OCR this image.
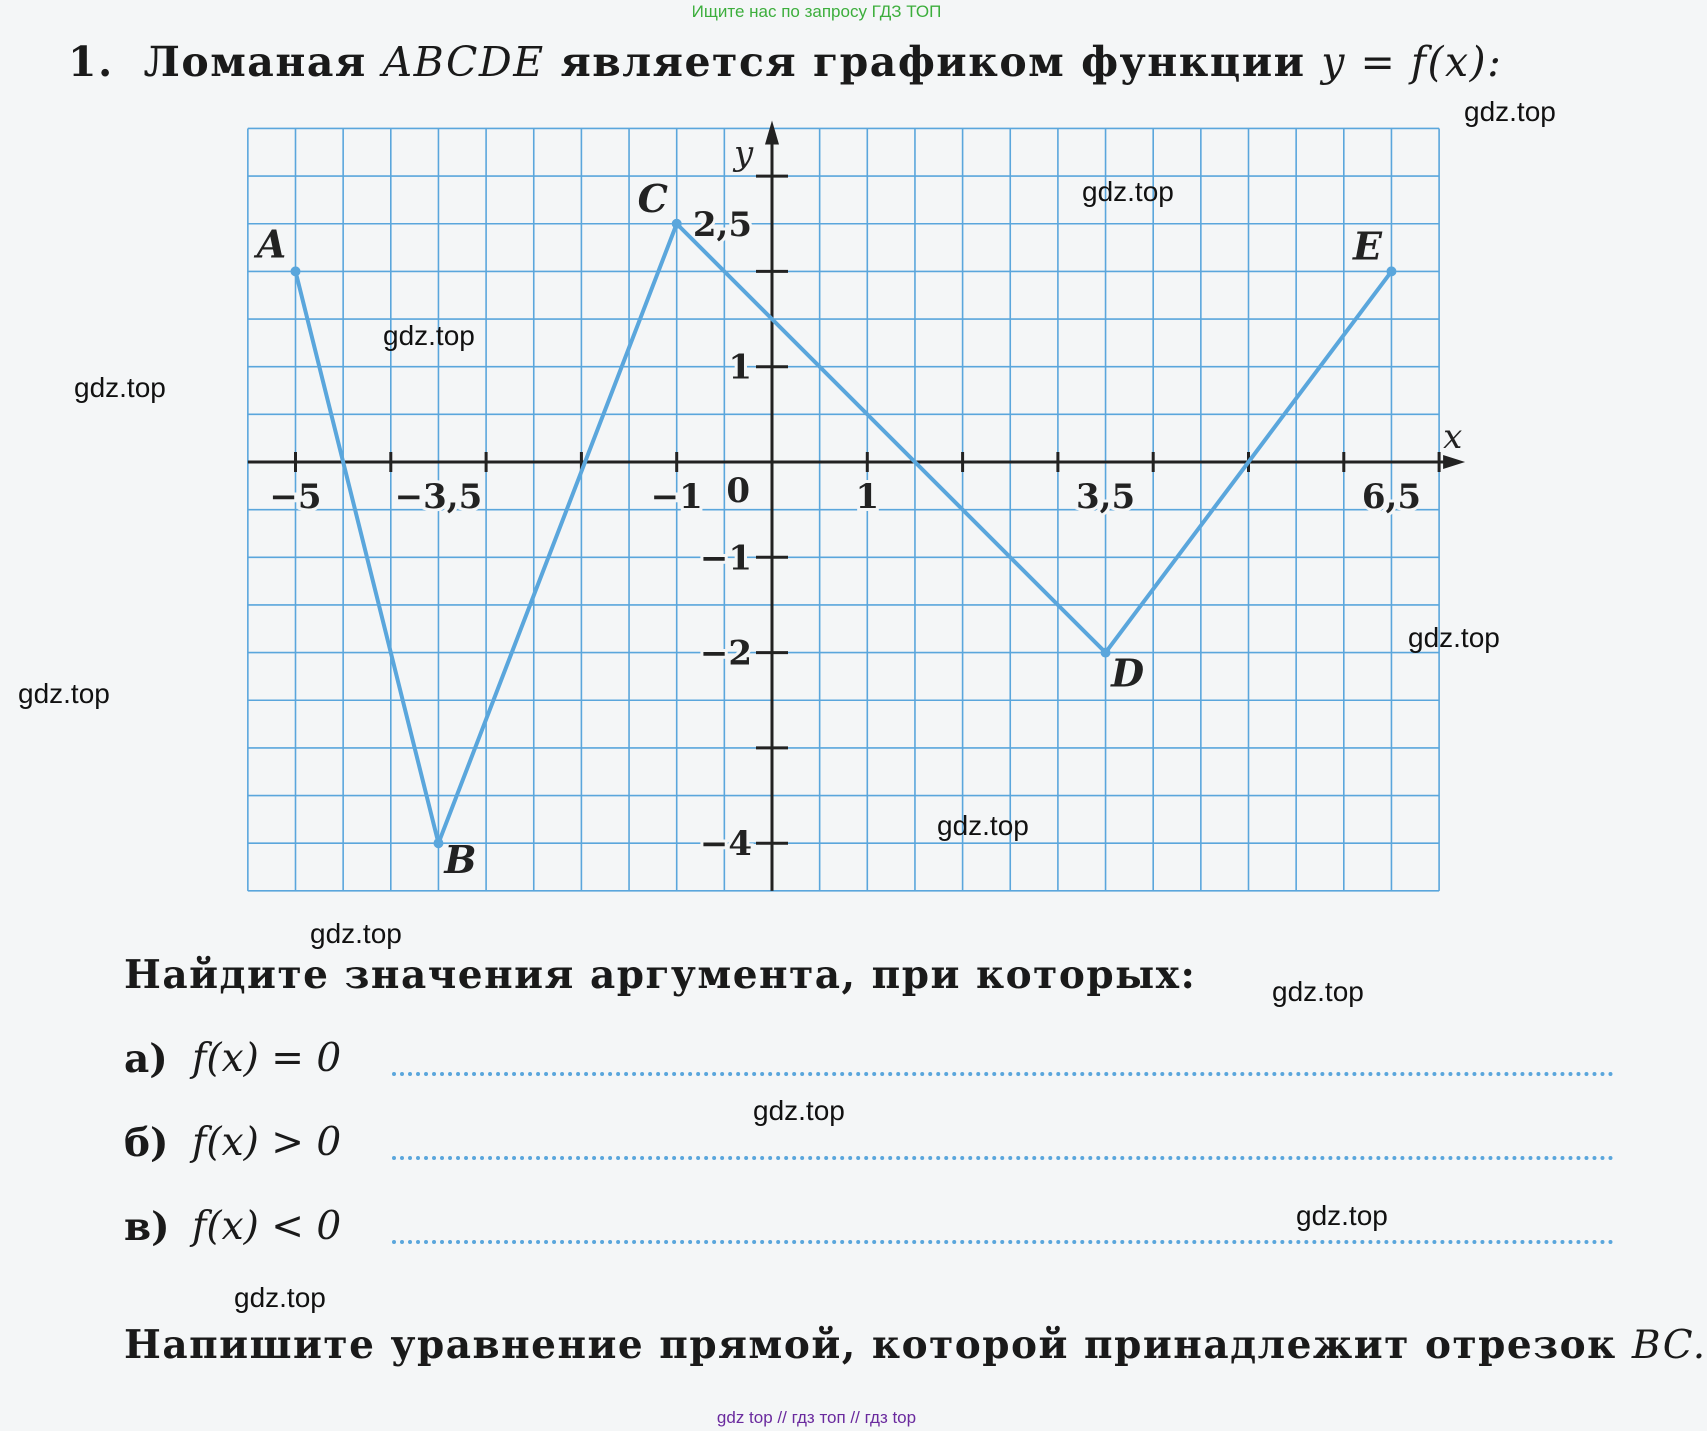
Ищите нас по запросу ГДЗ ТОП
1. Ломаная ABCDE является графиком функции y = f(x):
x
y
0
−5 −3,5	−1	1	3,5	6,5
2,5
1
−1
−2
−4
A
B
C
D
E
Найдите значения аргумента, при которых:
а) f(x) = 0
б) f(x) > 0
в) f(x) < 0
Напишите уравнение прямой, которой принадлежит отрезок BC.
gdz.top
gdz.top
gdz.top
gdz.top
gdz.top
gdz.top
gdz.top
gdz.top
gdz.top
gdz.top
gdz.top
gdz.top
gdz top // гдз топ // гдз top
